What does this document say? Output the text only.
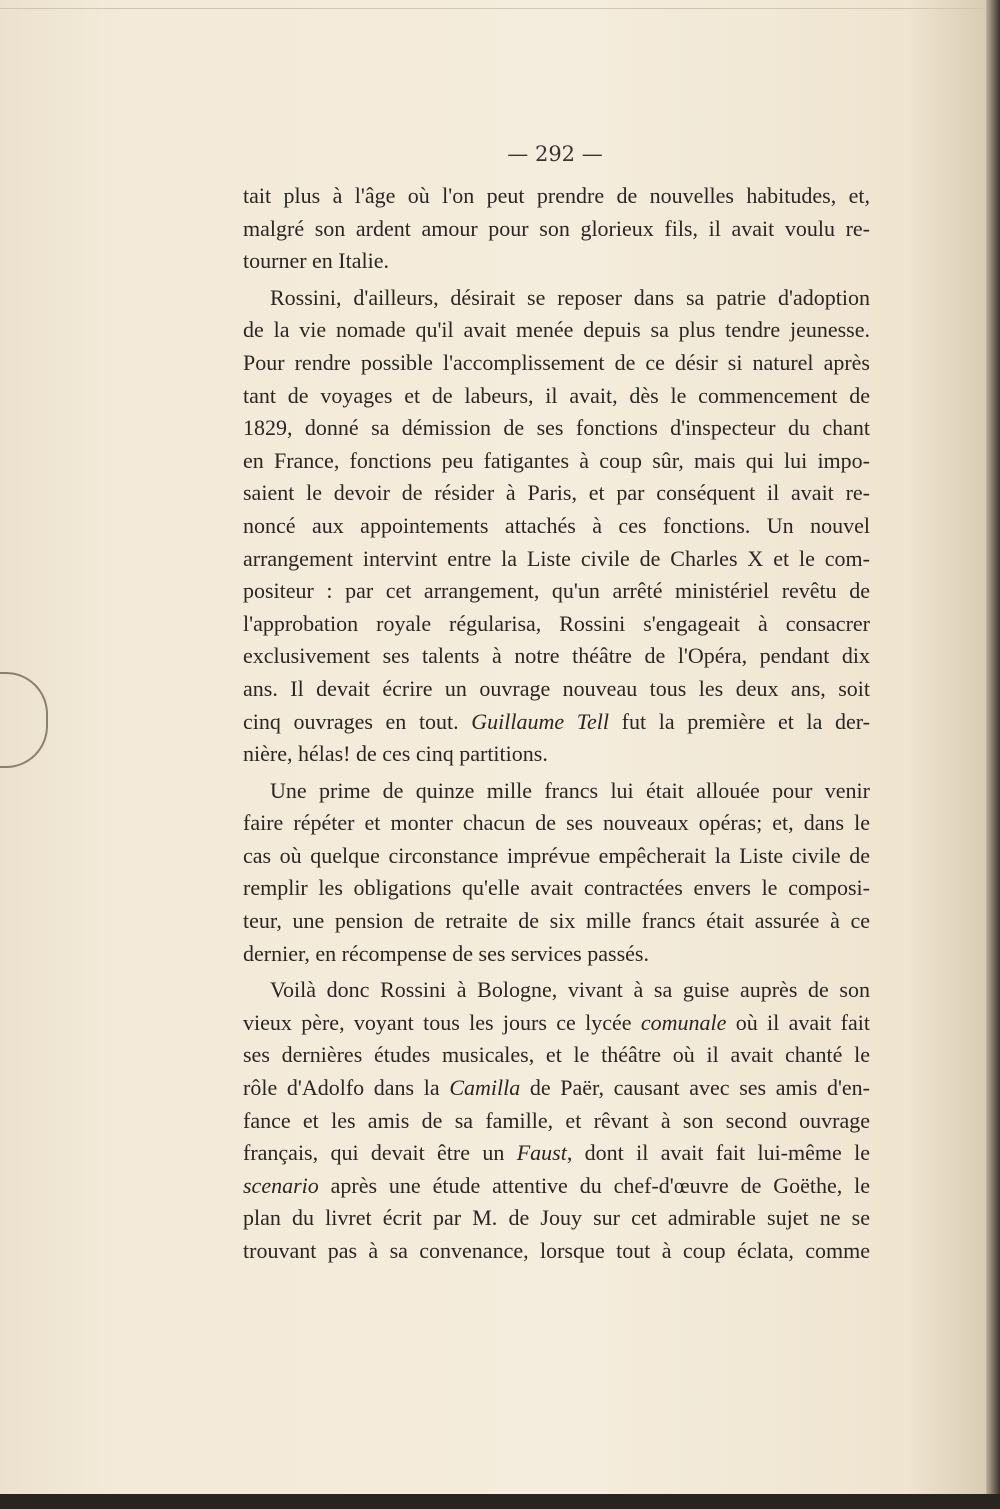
— 292 —

tait plus à l'âge où l'on peut prendre de nouvelles habitudes, et,
malgré son ardent amour pour son glorieux fils, il avait voulu re-
tourner en Italie.

Rossini, d'ailleurs, désirait se reposer dans sa patrie d'adoption
de la vie nomade qu'il avait menée depuis sa plus tendre jeunesse.
Pour rendre possible l'accomplissement de ce désir si naturel après
tant de voyages et de labeurs, il avait, dès le commencement de
1829, donné sa démission de ses fonctions d'inspecteur du chant
en France, fonctions peu fatigantes à coup sûr, mais qui lui impo-
saient le devoir de résider à Paris, et par conséquent il avait re-
noncé aux appointements attachés à ces fonctions. Un nouvel
arrangement intervint entre la Liste civile de Charles X et le com-
positeur : par cet arrangement, qu'un arrêté ministériel revêtu de
l'approbation royale régularisa, Rossini s'engageait à consacrer
exclusivement ses talents à notre théâtre de l'Opéra, pendant dix
ans. Il devait écrire un ouvrage nouveau tous les deux ans, soit
cinq ouvrages en tout. Guillaume Tell fut la première et la der-
nière, hélas! de ces cinq partitions.

Une prime de quinze mille francs lui était allouée pour venir
faire répéter et monter chacun de ses nouveaux opéras; et, dans le
cas où quelque circonstance imprévue empêcherait la Liste civile de
remplir les obligations qu'elle avait contractées envers le composi-
teur, une pension de retraite de six mille francs était assurée à ce
dernier, en récompense de ses services passés.

Voilà donc Rossini à Bologne, vivant à sa guise auprès de son
vieux père, voyant tous les jours ce lycée comunale où il avait fait
ses dernières études musicales, et le théâtre où il avait chanté le
rôle d'Adolfo dans la Camilla de Paër, causant avec ses amis d'en-
fance et les amis de sa famille, et rêvant à son second ouvrage
français, qui devait être un Faust, dont il avait fait lui-même le
scenario après une étude attentive du chef-d'œuvre de Goëthe, le
plan du livret écrit par M. de Jouy sur cet admirable sujet ne se
trouvant pas à sa convenance, lorsque tout à coup éclata, comme
